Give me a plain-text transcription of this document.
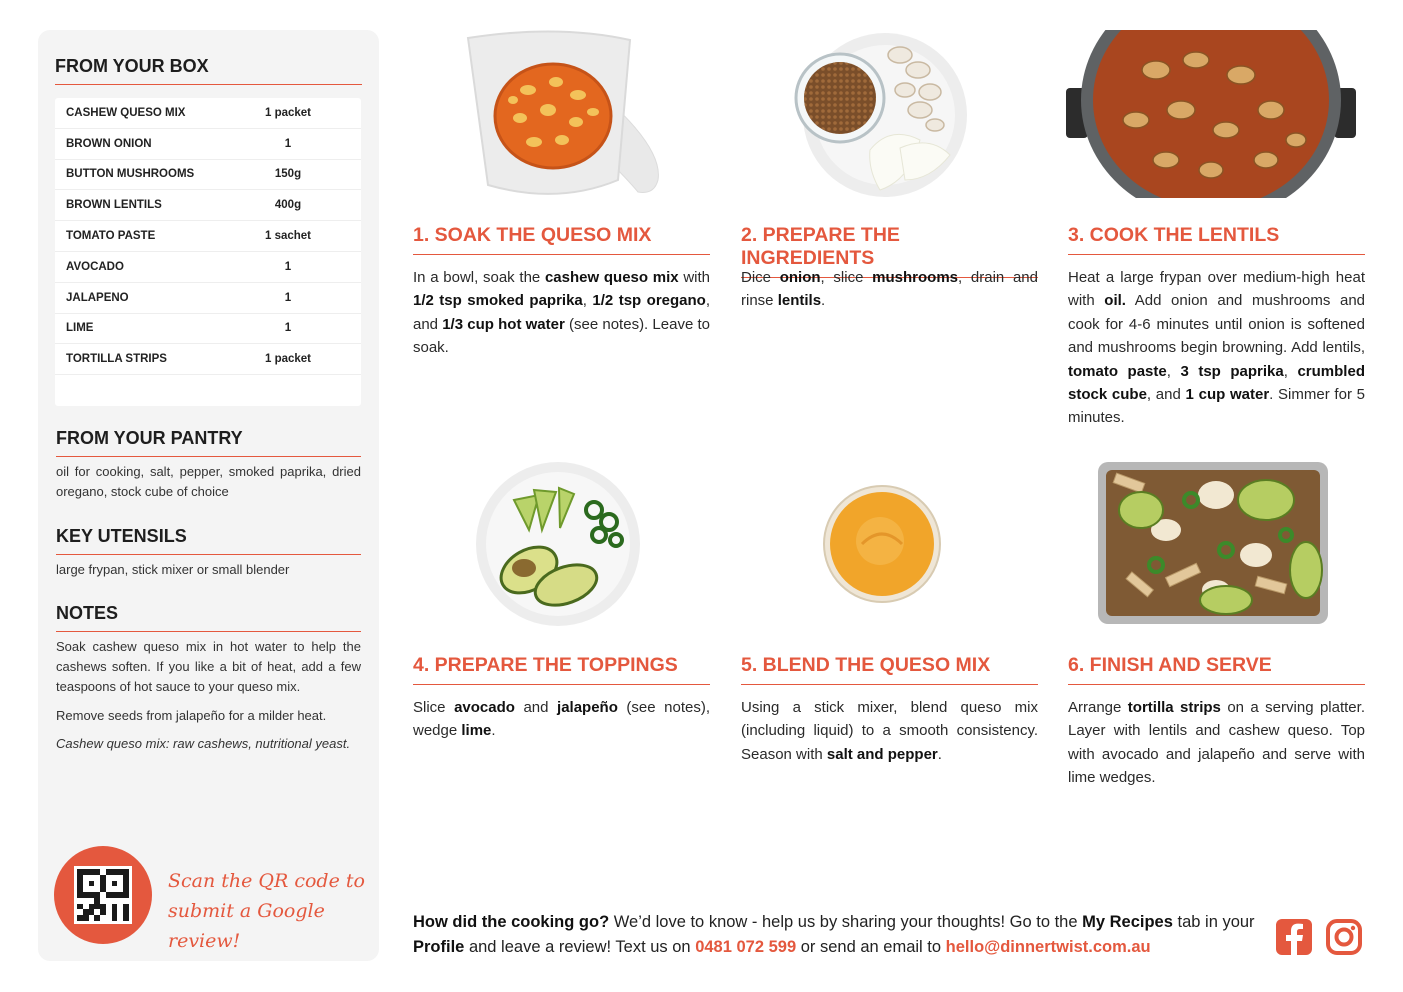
FROM YOUR BOX
CASHEW QUESO MIX	1 packet
BROWN ONION	1
BUTTON MUSHROOMS	150g
BROWN LENTILS	400g
TOMATO PASTE	1 sachet
AVOCADO	1
JALAPENO	1
LIME	1
TORTILLA STRIPS	1 packet
FROM YOUR PANTRY
oil for cooking, salt, pepper, smoked paprika, dried oregano, stock cube of choice
KEY UTENSILS
large frypan, stick mixer or small blender
NOTES
Soak cashew queso mix in hot water to help the cashews soften. If you like a bit of heat, add a few teaspoons of hot sauce to your queso mix.
Remove seeds from jalapeño for a milder heat.
Cashew queso mix: raw cashews, nutritional yeast.
Scan the QR code to
submit a Google review!
1. SOAK THE QUESO MIX
In a bowl, soak the cashew queso mix with 1/2 tsp smoked paprika, 1/2 tsp oregano, and 1/3 cup hot water (see notes). Leave to soak.
2. PREPARE THE INGREDIENTS
Dice onion, slice mushrooms, drain and rinse lentils.
3. COOK THE LENTILS
Heat a large frypan over medium-high heat with oil. Add onion and mushrooms and cook for 4-6 minutes until onion is softened and mushrooms begin browning. Add lentils, tomato paste, 3 tsp paprika, crumbled stock cube, and 1 cup water. Simmer for 5 minutes.
4. PREPARE THE TOPPINGS
Slice avocado and jalapeño (see notes), wedge lime.
5. BLEND THE QUESO MIX
Using a stick mixer, blend queso mix (including liquid) to a smooth consistency. Season with salt and pepper.
6. FINISH AND SERVE
Arrange tortilla strips on a serving platter. Layer with lentils and cashew queso. Top with avocado and jalapeño and serve with lime wedges.
How did the cooking go? We’d love to know - help us by sharing your thoughts! Go to the My Recipes tab in your Profile and leave a review! Text us on 0481 072 599 or send an email to hello@dinnertwist.com.au
